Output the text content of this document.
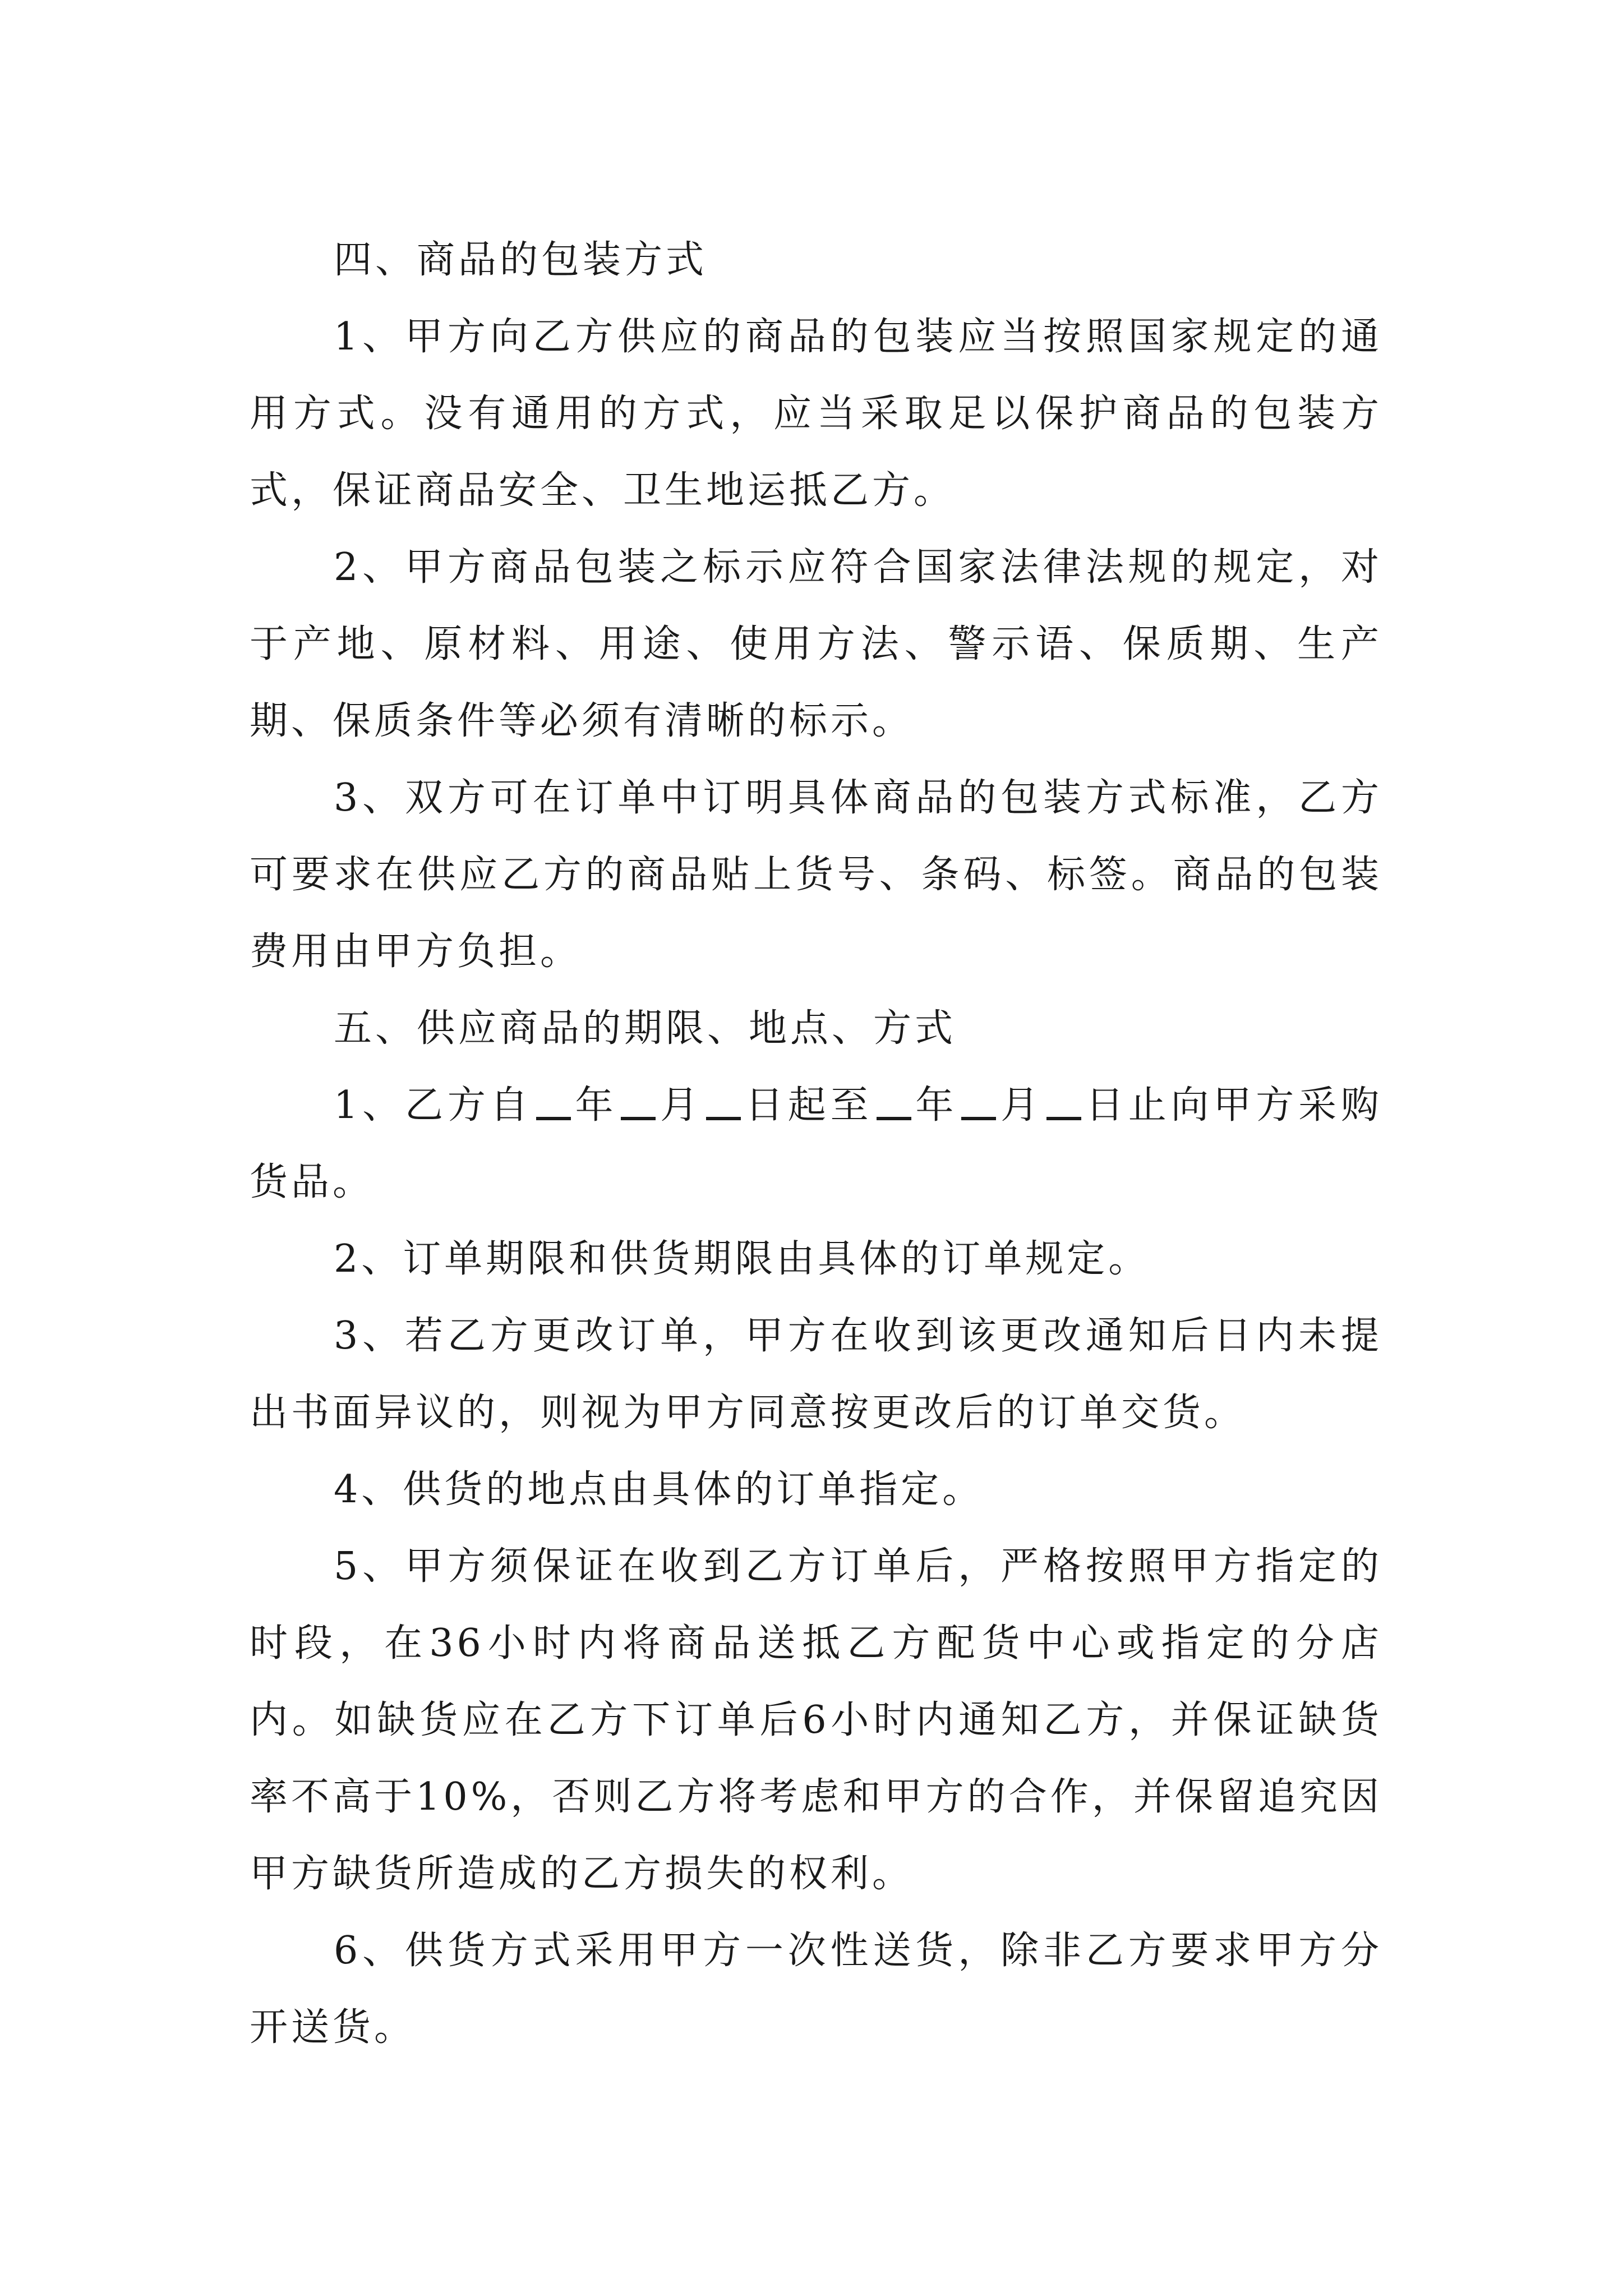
四、商品的包装方式

1、甲方向乙方供应的商品的包装应当按照国家规定的通用方式。没有通用的方式，应当采取足以保护商品的包装方式，保证商品安全、卫生地运抵乙方。

2、甲方商品包装之标示应符合国家法律法规的规定，对于产地、原材料、用途、使用方法、警示语、保质期、生产期、保质条件等必须有清晰的标示。

3、双方可在订单中订明具体商品的包装方式标准，乙方可要求在供应乙方的商品贴上货号、条码、标签。商品的包装费用由甲方负担。

五、供应商品的期限、地点、方式

1、乙方自 年 月 日起至 年 月 日止向甲方采购货品。

2、订单期限和供货期限由具体的订单规定。

3、若乙方更改订单，甲方在收到该更改通知后日内未提出书面异议的，则视为甲方同意按更改后的订单交货。

4、供货的地点由具体的订单指定。

5、甲方须保证在收到乙方订单后，严格按照甲方指定的时段，在36小时内将商品送抵乙方配货中心或指定的分店内。如缺货应在乙方下订单后6小时内通知乙方，并保证缺货率不高于10%，否则乙方将考虑和甲方的合作，并保留追究因甲方缺货所造成的乙方损失的权利。

6、供货方式采用甲方一次性送货，除非乙方要求甲方分开送货。
